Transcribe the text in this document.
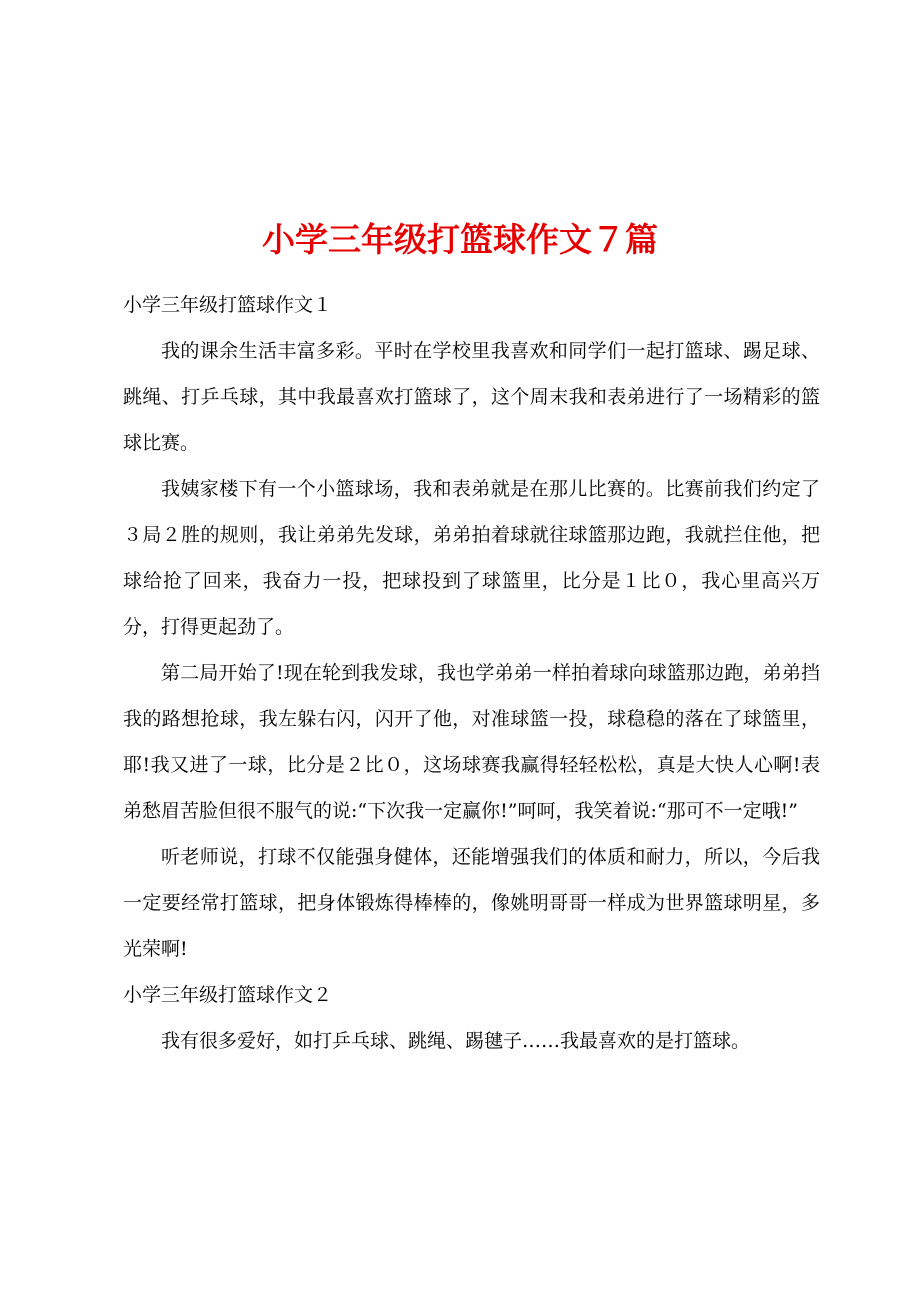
小学三年级打篮球作文７篇
小学三年级打篮球作文１

我的课余生活丰富多彩。平时在学校里我喜欢和同学们一起打篮球、踢足球、跳绳、打乒乓球，其中我最喜欢打篮球了，这个周末我和表弟进行了一场精彩的篮球比赛。

我姨家楼下有一个小篮球场，我和表弟就是在那儿比赛的。比赛前我们约定了３局２胜的规则，我让弟弟先发球，弟弟拍着球就往球篮那边跑，我就拦住他，把球给抢了回来，我奋力一投，把球投到了球篮里，比分是１比０，我心里高兴万分，打得更起劲了。

第二局开始了!现在轮到我发球，我也学弟弟一样拍着球向球篮那边跑，弟弟挡我的路想抢球，我左躲右闪，闪开了他，对准球篮一投，球稳稳的落在了球篮里，耶!我又进了一球，比分是２比０，这场球赛我赢得轻轻松松，真是大快人心啊!表弟愁眉苦脸但很不服气的说:“下次我一定赢你!”呵呵，我笑着说:“那可不一定哦!”

听老师说，打球不仅能强身健体，还能增强我们的体质和耐力，所以，今后我一定要经常打篮球，把身体锻炼得棒棒的，像姚明哥哥一样成为世界篮球明星，多光荣啊!

小学三年级打篮球作文２

我有很多爱好，如打乒乓球、跳绳、踢毽子……我最喜欢的是打篮球。
